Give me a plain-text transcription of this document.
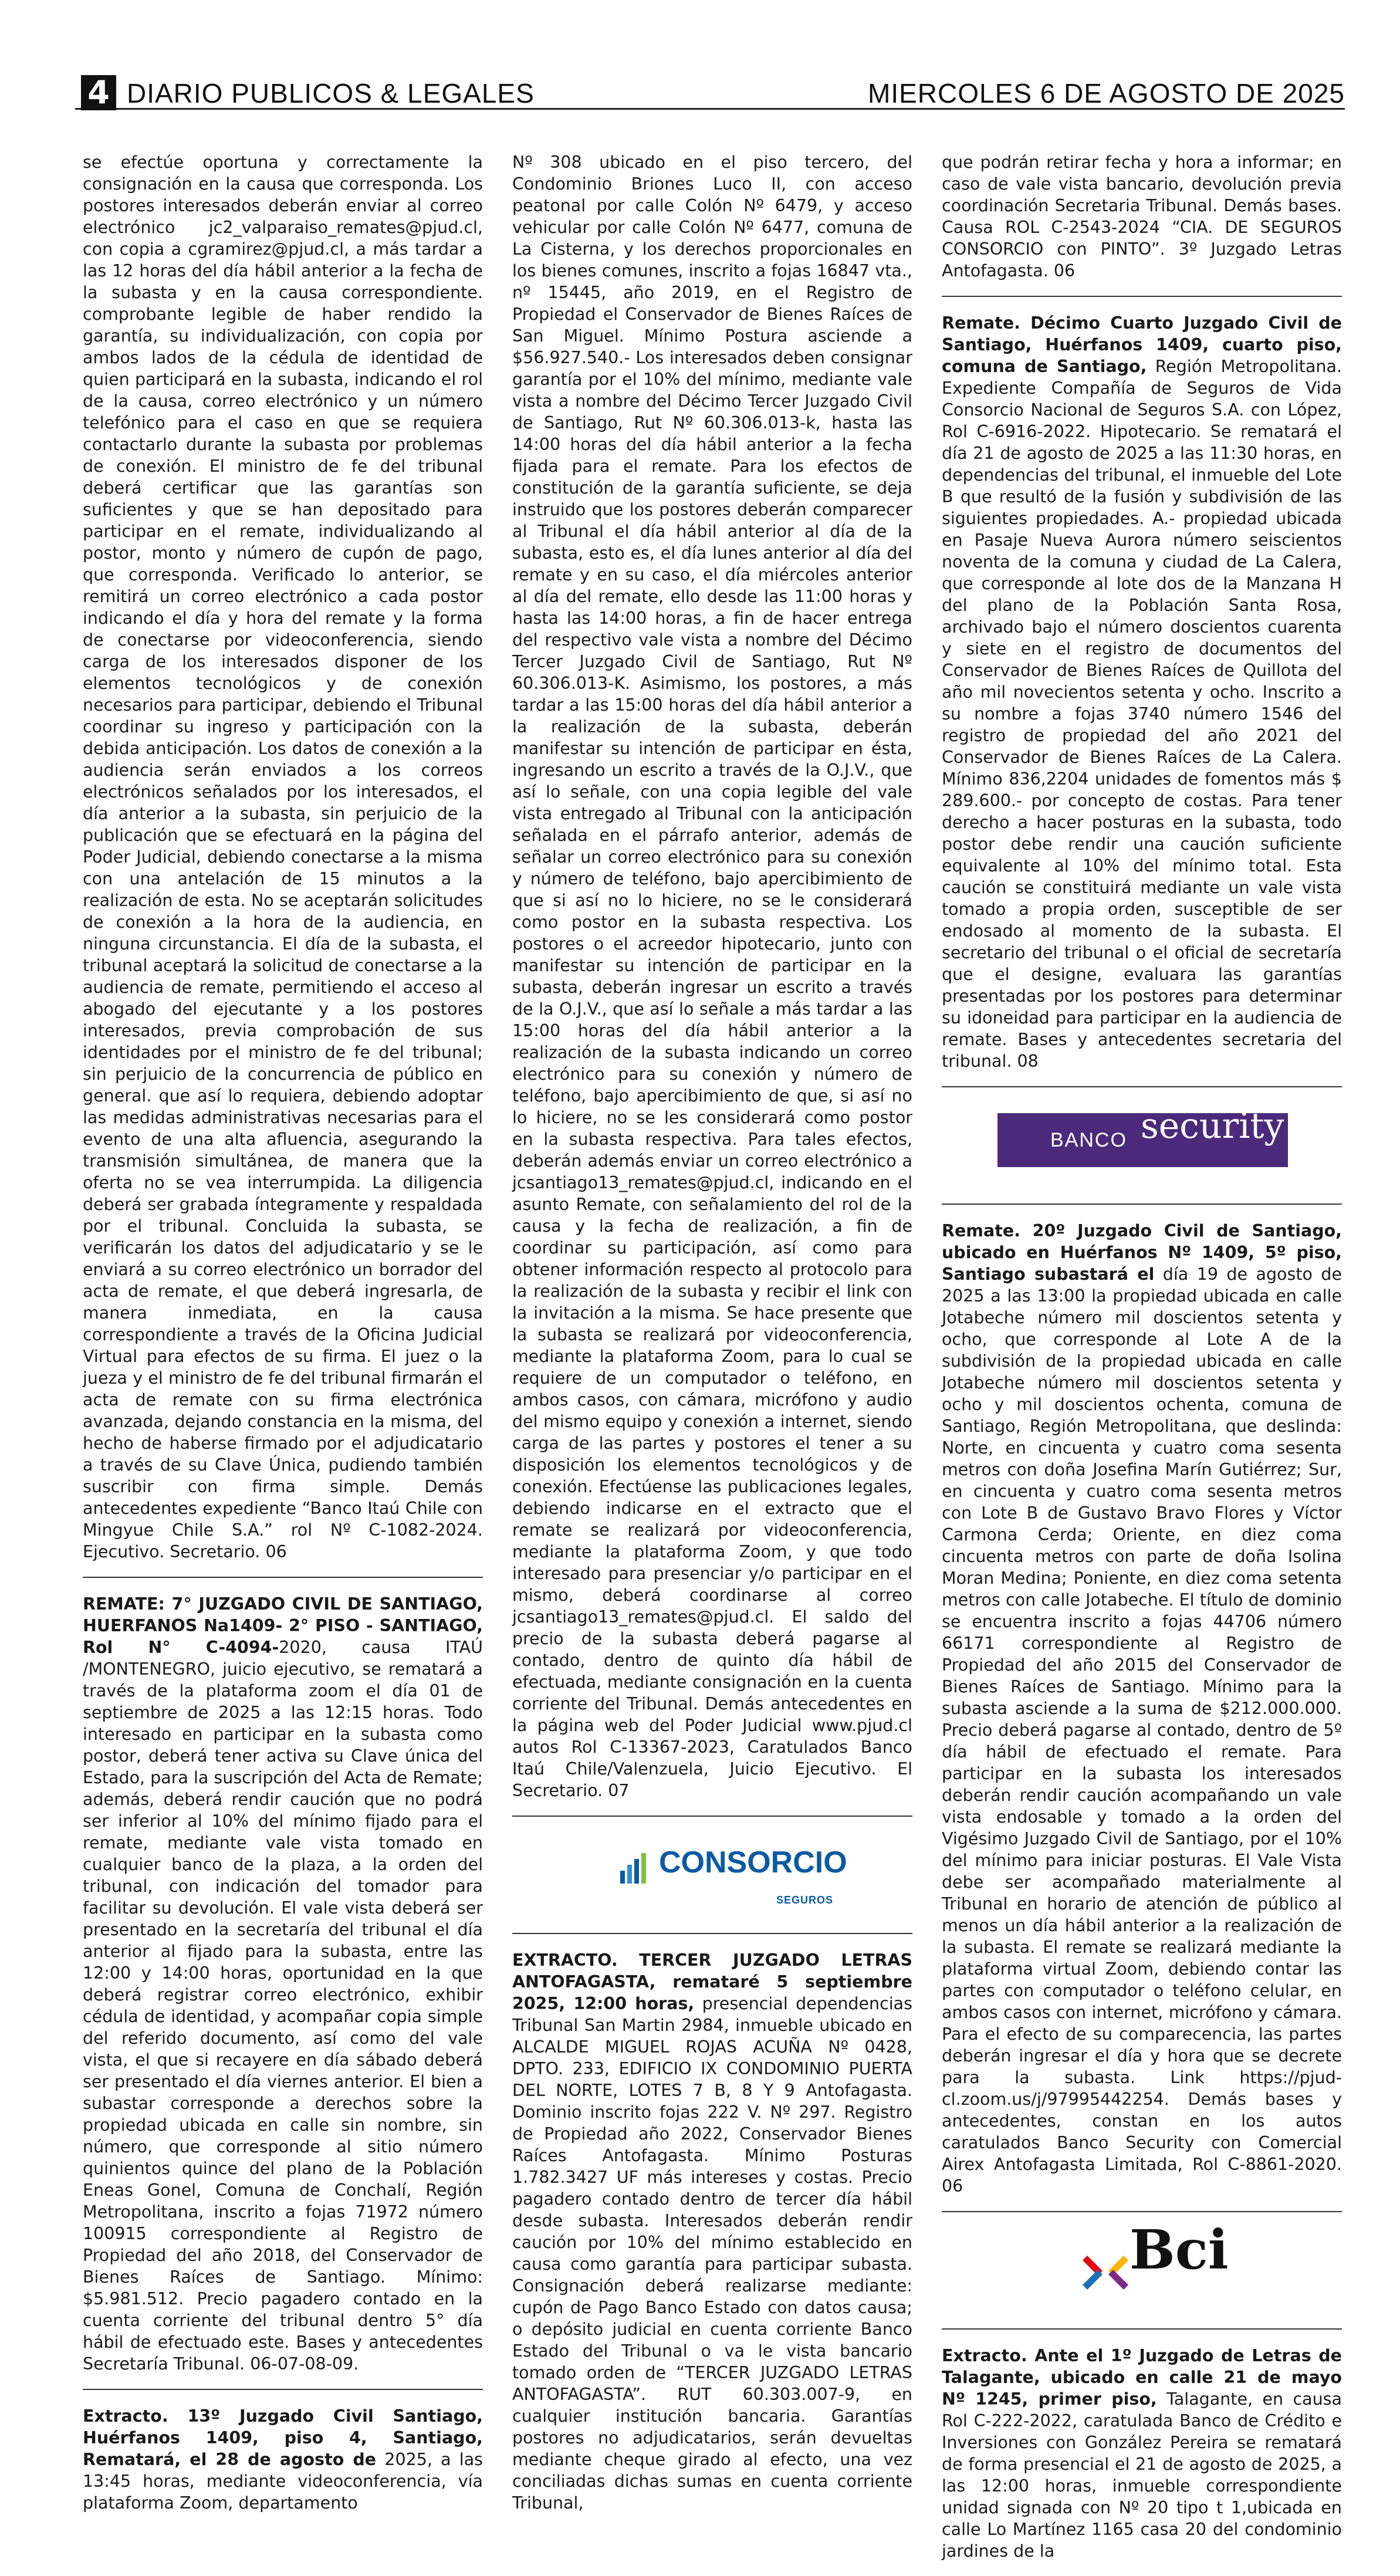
4 DIARIO PUBLICOS & LEGALES	MIERCOLES 6 DE AGOSTO DE 2025

se efectúe oportuna y correctamente la consignación en la causa que corresponda. Los postores interesados deberán enviar al correo electrónico jc2_valparaiso_remates@pjud.cl, con copia a cgramirez@pjud.cl, a más tardar a las 12 horas del día hábil anterior a la fecha de la subasta y en la causa correspondiente. comprobante legible de haber rendido la garantía, su individualización, con copia por ambos lados de la cédula de identidad de quien participará en la subasta, indicando el rol de la causa, correo electrónico y un número telefónico para el caso en que se requiera contactarlo durante la subasta por problemas de conexión. El ministro de fe del tribunal deberá certificar que las garantías son suficientes y que se han depositado para participar en el remate, individualizando al postor, monto y número de cupón de pago, que corresponda. Verificado lo anterior, se remitirá un correo electrónico a cada postor indicando el día y hora del remate y la forma de conectarse por videoconferencia, siendo carga de los interesados disponer de los elementos tecnológicos y de conexión necesarios para participar, debiendo el Tribunal coordinar su ingreso y participación con la debida anticipación. Los datos de conexión a la audiencia serán enviados a los correos electrónicos señalados por los interesados, el día anterior a la subasta, sin perjuicio de la publicación que se efectuará en la página del Poder Judicial, debiendo conectarse a la misma con una antelación de 15 minutos a la realización de esta. No se aceptarán solicitudes de conexión a la hora de la audiencia, en ninguna circunstancia. El día de la subasta, el tribunal aceptará la solicitud de conectarse a la audiencia de remate, permitiendo el acceso al abogado del ejecutante y a los postores interesados, previa comprobación de sus identidades por el ministro de fe del tribunal; sin perjuicio de la concurrencia de público en general. que así lo requiera, debiendo adoptar las medidas administrativas necesarias para el evento de una alta afluencia, asegurando la transmisión simultánea, de manera que la oferta no se vea interrumpida. La diligencia deberá ser grabada íntegramente y respaldada por el tribunal. Concluida la subasta, se verificarán los datos del adjudicatario y se le enviará a su correo electrónico un borrador del acta de remate, el que deberá ingresarla, de manera inmediata, en la causa correspondiente a través de la Oficina Judicial Virtual para efectos de su firma. El juez o la jueza y el ministro de fe del tribunal firmarán el acta de remate con su firma electrónica avanzada, dejando constancia en la misma, del hecho de haberse firmado por el adjudicatario a través de su Clave Única, pudiendo también suscribir con firma simple. Demás antecedentes expediente “Banco Itaú Chile con Mingyue Chile S.A.” rol Nº C-1082-2024. Ejecutivo. Secretario. 06

REMATE: 7° JUZGADO CIVIL DE SANTIAGO, HUERFANOS Na1409- 2° PISO - SANTIAGO, Rol N° C-4094-2020, causa ITAÚ /MONTENEGRO, juicio ejecutivo, se rematará a través de la plataforma zoom el día 01 de septiembre de 2025 a las 12:15 horas. Todo interesado en participar en la subasta como postor, deberá tener activa su Clave única del Estado, para la suscripción del Acta de Remate; además, deberá rendir caución que no podrá ser inferior al 10% del mínimo fijado para el remate, mediante vale vista tomado en cualquier banco de la plaza, a la orden del tribunal, con indicación del tomador para facilitar su devolución. El vale vista deberá ser presentado en la secretaría del tribunal el día anterior al fijado para la subasta, entre las 12:00 y 14:00 horas, oportunidad en la que deberá registrar correo electrónico, exhibir cédula de identidad, y acompañar copia simple del referido documento, así como del vale vista, el que si recayere en día sábado deberá ser presentado el día viernes anterior. El bien a subastar corresponde a derechos sobre la propiedad ubicada en calle sin nombre, sin número, que corresponde al sitio número quinientos quince del plano de la Población Eneas Gonel, Comuna de Conchalí, Región Metropolitana, inscrito a fojas 71972 número 100915 correspondiente al Registro de Propiedad del año 2018, del Conservador de Bienes Raíces de Santiago. Mínimo: $5.981.512. Precio pagadero contado en la cuenta corriente del tribunal dentro 5° día hábil de efectuado este. Bases y antecedentes Secretaría Tribunal. 06-07-08-09.

Extracto. 13º Juzgado Civil Santiago, Huérfanos 1409, piso 4, Santiago, Rematará, el 28 de agosto de 2025, a las 13:45 horas, mediante videoconferencia, vía plataforma Zoom, departamento

Nº 308 ubicado en el piso tercero, del Condominio Briones Luco II, con acceso peatonal por calle Colón Nº 6479, y acceso vehicular por calle Colón Nº 6477, comuna de La Cisterna, y los derechos proporcionales en los bienes comunes, inscrito a fojas 16847 vta., nº 15445, año 2019, en el Registro de Propiedad el Conservador de Bienes Raíces de San Miguel. Mínimo Postura asciende a $56.927.540.- Los interesados deben consignar garantía por el 10% del mínimo, mediante vale vista a nombre del Décimo Tercer Juzgado Civil de Santiago, Rut Nº 60.306.013-k, hasta las 14:00 horas del día hábil anterior a la fecha fijada para el remate. Para los efectos de constitución de la garantía suficiente, se deja instruido que los postores deberán comparecer al Tribunal el día hábil anterior al día de la subasta, esto es, el día lunes anterior al día del remate y en su caso, el día miércoles anterior al día del remate, ello desde las 11:00 horas y hasta las 14:00 horas, a fin de hacer entrega del respectivo vale vista a nombre del Décimo Tercer Juzgado Civil de Santiago, Rut Nº 60.306.013-K. Asimismo, los postores, a más tardar a las 15:00 horas del día hábil anterior a la realización de la subasta, deberán manifestar su intención de participar en ésta, ingresando un escrito a través de la O.J.V., que así lo señale, con una copia legible del vale vista entregado al Tribunal con la anticipación señalada en el párrafo anterior, además de señalar un correo electrónico para su conexión y número de teléfono, bajo apercibimiento de que si así no lo hiciere, no se le considerará como postor en la subasta respectiva. Los postores o el acreedor hipotecario, junto con manifestar su intención de participar en la subasta, deberán ingresar un escrito a través de la O.J.V., que así lo señale a más tardar a las 15:00 horas del día hábil anterior a la realización de la subasta indicando un correo electrónico para su conexión y número de teléfono, bajo apercibimiento de que, si así no lo hiciere, no se les considerará como postor en la subasta respectiva. Para tales efectos, deberán además enviar un correo electrónico a jcsantiago13_remates@pjud.cl, indicando en el asunto Remate, con señalamiento del rol de la causa y la fecha de realización, a fin de coordinar su participación, así como para obtener información respecto al protocolo para la realización de la subasta y recibir el link con la invitación a la misma. Se hace presente que la subasta se realizará por videoconferencia, mediante la plataforma Zoom, para lo cual se requiere de un computador o teléfono, en ambos casos, con cámara, micrófono y audio del mismo equipo y conexión a internet, siendo carga de las partes y postores el tener a su disposición los elementos tecnológicos y de conexión. Efectúense las publicaciones legales, debiendo indicarse en el extracto que el remate se realizará por videoconferencia, mediante la plataforma Zoom, y que todo interesado para presenciar y/o participar en el mismo, deberá coordinarse al correo jcsantiago13_remates@pjud.cl. El saldo del precio de la subasta deberá pagarse al contado, dentro de quinto día hábil de efectuada, mediante consignación en la cuenta corriente del Tribunal. Demás antecedentes en la página web del Poder Judicial www.pjud.cl autos Rol C-13367-2023, Caratulados Banco Itaú Chile/Valenzuela, Juicio Ejecutivo. El Secretario. 07

CONSORCIO
SEGUROS

EXTRACTO. TERCER JUZGADO LETRAS ANTOFAGASTA, remataré 5 septiembre 2025, 12:00 horas, presencial dependencias Tribunal San Martin 2984, inmueble ubicado en ALCALDE MIGUEL ROJAS ACUÑA Nº 0428, DPTO. 233, EDIFICIO IX CONDOMINIO PUERTA DEL NORTE, LOTES 7 B, 8 Y 9 Antofagasta. Dominio inscrito fojas 222 V. Nº 297. Registro de Propiedad año 2022, Conservador Bienes Raíces Antofagasta. Mínimo Posturas 1.782.3427 UF más intereses y costas. Precio pagadero contado dentro de tercer día hábil desde subasta. Interesados deberán rendir caución por 10% del mínimo establecido en causa como garantía para participar subasta. Consignación deberá realizarse mediante: cupón de Pago Banco Estado con datos causa; o depósito judicial en cuenta corriente Banco Estado del Tribunal o va le vista bancario tomado orden de “TERCER JUZGADO LETRAS ANTOFAGASTA”. RUT 60.303.007-9, en cualquier institución bancaria. Garantías postores no adjudicatarios, serán devueltas mediante cheque girado al efecto, una vez conciliadas dichas sumas en cuenta corriente Tribunal,

que podrán retirar fecha y hora a informar; en caso de vale vista bancario, devolución previa coordinación Secretaria Tribunal. Demás bases. Causa ROL C-2543-2024 “CIA. DE SEGUROS CONSORCIO con PINTO”. 3º Juzgado Letras Antofagasta. 06

Remate. Décimo Cuarto Juzgado Civil de Santiago, Huérfanos 1409, cuarto piso, comuna de Santiago, Región Metropolitana. Expediente Compañía de Seguros de Vida Consorcio Nacional de Seguros S.A. con López, Rol C-6916-2022. Hipotecario. Se rematará el día 21 de agosto de 2025 a las 11:30 horas, en dependencias del tribunal, el inmueble del Lote B que resultó de la fusión y subdivisión de las siguientes propiedades. A.- propiedad ubicada en Pasaje Nueva Aurora número seiscientos noventa de la comuna y ciudad de La Calera, que corresponde al lote dos de la Manzana H del plano de la Población Santa Rosa, archivado bajo el número doscientos cuarenta y siete en el registro de documentos del Conservador de Bienes Raíces de Quillota del año mil novecientos setenta y ocho. Inscrito a su nombre a fojas 3740 número 1546 del registro de propiedad del año 2021 del Conservador de Bienes Raíces de La Calera. Mínimo 836,2204 unidades de fomentos más $ 289.600.- por concepto de costas. Para tener derecho a hacer posturas en la subasta, todo postor debe rendir una caución suficiente equivalente al 10% del mínimo total. Esta caución se constituirá mediante un vale vista tomado a propia orden, susceptible de ser endosado al momento de la subasta. El secretario del tribunal o el oficial de secretaría que el designe, evaluara las garantías presentadas por los postores para determinar su idoneidad para participar en la audiencia de remate. Bases y antecedentes secretaria del tribunal. 08

BANCO security

Remate. 20º Juzgado Civil de Santiago, ubicado en Huérfanos Nº 1409, 5º piso, Santiago subastará el día 19 de agosto de 2025 a las 13:00 la propiedad ubicada en calle Jotabeche número mil doscientos setenta y ocho, que corresponde al Lote A de la subdivisión de la propiedad ubicada en calle Jotabeche número mil doscientos setenta y ocho y mil doscientos ochenta, comuna de Santiago, Región Metropolitana, que deslinda: Norte, en cincuenta y cuatro coma sesenta metros con doña Josefina Marín Gutiérrez; Sur, en cincuenta y cuatro coma sesenta metros con Lote B de Gustavo Bravo Flores y Víctor Carmona Cerda; Oriente, en diez coma cincuenta metros con parte de doña Isolina Moran Medina; Poniente, en diez coma setenta metros con calle Jotabeche. El título de dominio se encuentra inscrito a fojas 44706 número 66171 correspondiente al Registro de Propiedad del año 2015 del Conservador de Bienes Raíces de Santiago. Mínimo para la subasta asciende a la suma de $212.000.000. Precio deberá pagarse al contado, dentro de 5º día hábil de efectuado el remate. Para participar en la subasta los interesados deberán rendir caución acompañando un vale vista endosable y tomado a la orden del Vigésimo Juzgado Civil de Santiago, por el 10% del mínimo para iniciar posturas. El Vale Vista debe ser acompañado materialmente al Tribunal en horario de atención de público al menos un día hábil anterior a la realización de la subasta. El remate se realizará mediante la plataforma virtual Zoom, debiendo contar las partes con computador o teléfono celular, en ambos casos con internet, micrófono y cámara. Para el efecto de su comparecencia, las partes deberán ingresar el día y hora que se decrete para la subasta. Link https://pjud-cl.zoom.us/j/97995442254. Demás bases y antecedentes, constan en los autos caratulados Banco Security con Comercial Airex Antofagasta Limitada, Rol C-8861-2020. 06

Bci

Extracto. Ante el 1º Juzgado de Letras de Talagante, ubicado en calle 21 de mayo Nº 1245, primer piso, Talagante, en causa Rol C-222-2022, caratulada Banco de Crédito e Inversiones con González Pereira se rematará de forma presencial el 21 de agosto de 2025, a las 12:00 horas, inmueble correspondiente unidad signada con Nº 20 tipo t 1,ubicada en calle Lo Martínez 1165 casa 20 del condominio jardines de la
